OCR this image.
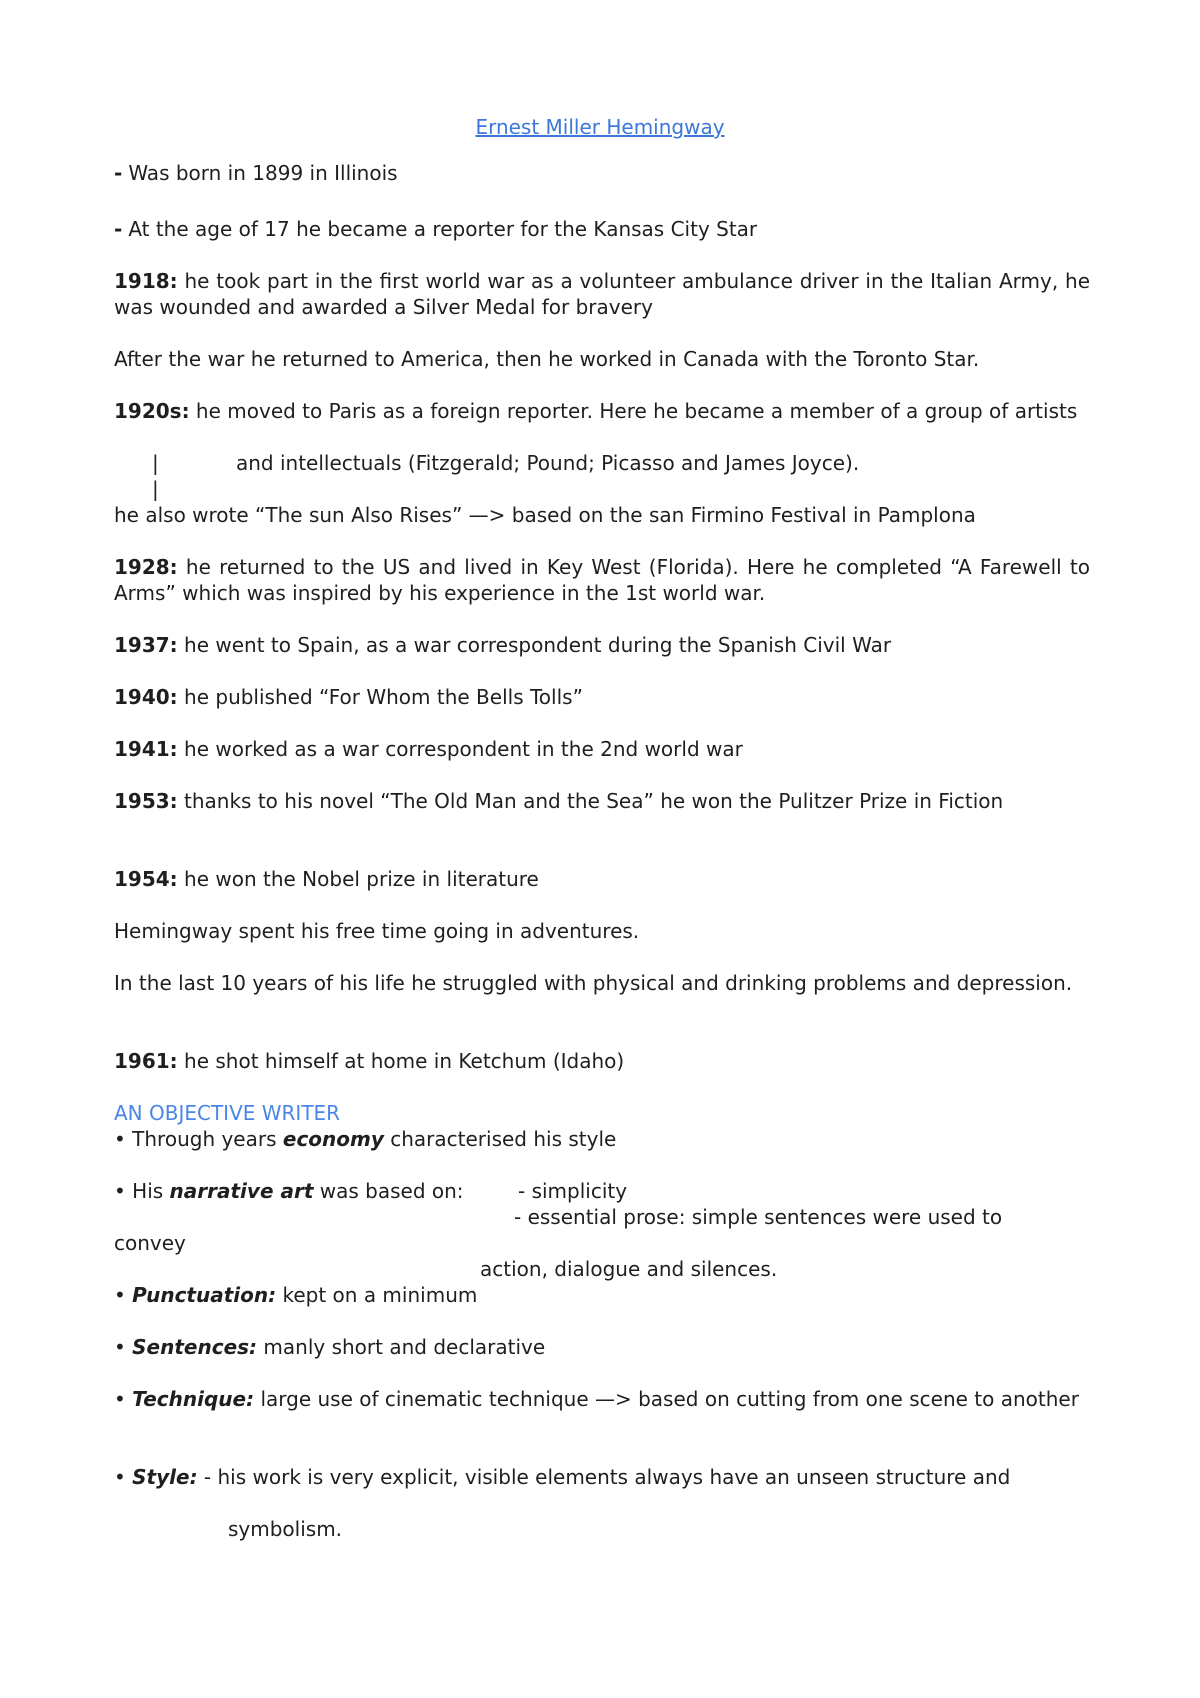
Ernest Miller Hemingway
- Was born in 1899 in Illinois
- At the age of 17 he became a reporter for the Kansas City Star
1918: he took part in the first world war as a volunteer ambulance driver in the Italian Army, he was wounded and awarded a Silver Medal for bravery
After the war he returned to America, then he worked in Canada with the Toronto Star.
1920s: he moved to Paris as a foreign reporter. Here he became a member of a group of artists
|	and intellectuals (Fitzgerald; Pound; Picasso and James Joyce).
|
he also wrote “The sun Also Rises” —> based on the san Firmino Festival in Pamplona
1928: he returned to the US and lived in Key West (Florida). Here he completed “A Farewell to Arms” which was inspired by his experience in the 1st world war.
1937: he went to Spain, as a war correspondent during the Spanish Civil War
1940: he published “For Whom the Bells Tolls”
1941: he worked as a war correspondent in the 2nd world war
1953: thanks to his novel “The Old Man and the Sea” he won the Pulitzer Prize in Fiction
1954: he won the Nobel prize in literature
Hemingway spent his free time going in adventures.
In the last 10 years of his life he struggled with physical and drinking problems and depression.
1961: he shot himself at home in Ketchum (Idaho)
AN OBJECTIVE WRITER
• Through years economy characterised his style
• His narrative art was based on:	- simplicity
- essential prose: simple sentences were used to
convey
action, dialogue and silences.
• Punctuation: kept on a minimum
• Sentences: manly short and declarative
• Technique: large use of cinematic technique —> based on cutting from one scene to another
• Style: - his work is very explicit, visible elements always have an unseen structure and
symbolism.
